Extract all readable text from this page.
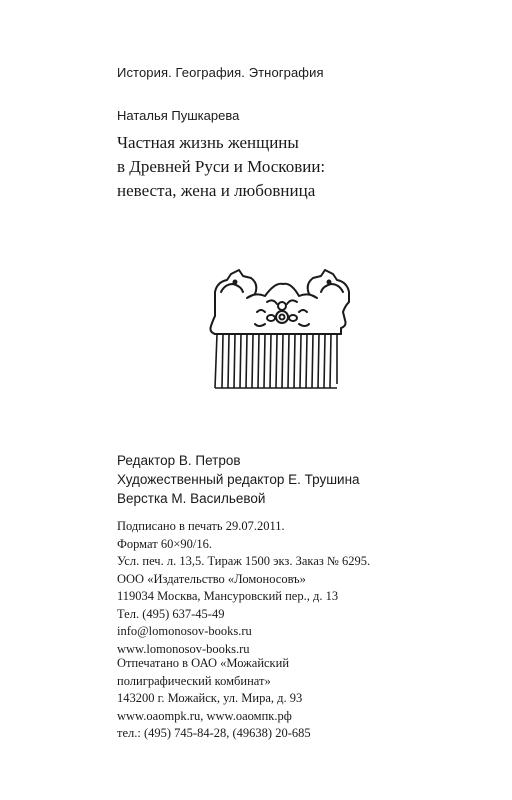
История. География. Этнография
Наталья Пушкарева
Частная жизнь женщины
в Древней Руси и Московии:
невеста, жена и любовница
Редактор В. Петров
Художественный редактор Е. Трушина
Верстка М. Васильевой
Подписано в печать 29.07.2011.
Формат 60×90/16.
Усл. печ. л. 13,5. Тираж 1500 экз. Заказ № 6295.
ООО «Издательство «Ломоносовъ»
119034 Москва, Мансуровский пер., д. 13
Тел. (495) 637-45-49
info@lomonosov-books.ru
www.lomonosov-books.ru
Отпечатано в ОАО «Можайский
полиграфический комбинат»
143200 г. Можайск, ул. Мира, д. 93
www.oaompk.ru, www.оаомпк.рф
тел.: (495) 745-84-28, (49638) 20-685
